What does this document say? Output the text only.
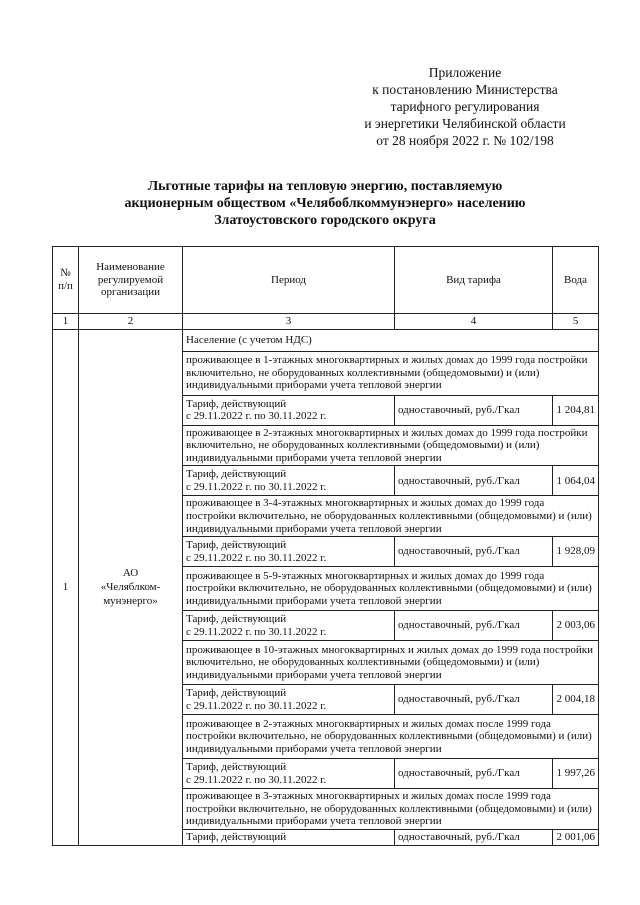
Приложение
к постановлению Министерства
тарифного регулирования
и энергетики Челябинской области
от 28 ноября 2022 г. № 102/198
Льготные тарифы на тепловую энергию, поставляемую
акционерным обществом «Челябоблкоммунэнерго» населению
Златоустовского городского округа
№ п/п	Наименование регулируемой организации	Период	Вид тарифа	Вода
1	2	3	4	5
1	АО
«Челяблком-
мунэнерго»	Население (с учетом НДС)		
		проживающее в 1-этажных многоквартирных и жилых домах до 1999 года постройки включительно, не оборудованных коллективными (общедомовыми) и (или) индивидуальными приборами учета тепловой энергии		

		Тариф, действующий
с 29.11.2022 г. по 30.11.2022 г.	одноставочный, руб./Гкал	1 204,81
		проживающее в 2-этажных многоквартирных и жилых домах до 1999 года постройки включительно, не оборудованных коллективными (общедомовыми) и (или) индивидуальными приборами учета тепловой энергии		

		Тариф, действующий
с 29.11.2022 г. по 30.11.2022 г.	одноставочный, руб./Гкал	1 064,04
		проживающее в 3-4-этажных многоквартирных и жилых домах до 1999 года постройки включительно, не оборудованных коллективными (общедомовыми) и (или) индивидуальными приборами учета тепловой энергии		

		Тариф, действующий
с 29.11.2022 г. по 30.11.2022 г.	одноставочный, руб./Гкал	1 928,09
		проживающее в 5-9-этажных многоквартирных и жилых домах до 1999 года постройки включительно, не оборудованных коллективными (общедомовыми) и (или) индивидуальными приборами учета тепловой энергии		

		Тариф, действующий
с 29.11.2022 г. по 30.11.2022 г.	одноставочный, руб./Гкал	2 003,06
		проживающее в 10-этажных многоквартирных и жилых домах до 1999 года постройки включительно, не оборудованных коллективными (общедомовыми) и (или) индивидуальными приборами учета тепловой энергии		

		Тариф, действующий
с 29.11.2022 г. по 30.11.2022 г.	одноставочный, руб./Гкал	2 004,18
		проживающее в 2-этажных многоквартирных и жилых домах после 1999 года постройки включительно, не оборудованных коллективными (общедомовыми) и (или) индивидуальными приборами учета тепловой энергии		

		Тариф, действующий
с 29.11.2022 г. по 30.11.2022 г.	одноставочный, руб./Гкал	1 997,26
		проживающее в 3-этажных многоквартирных и жилых домах после 1999 года постройки включительно, не оборудованных коллективными (общедомовыми) и (или) индивидуальными приборами учета тепловой энергии		

		Тариф, действующий	одноставочный, руб./Гкал	2 001,06
